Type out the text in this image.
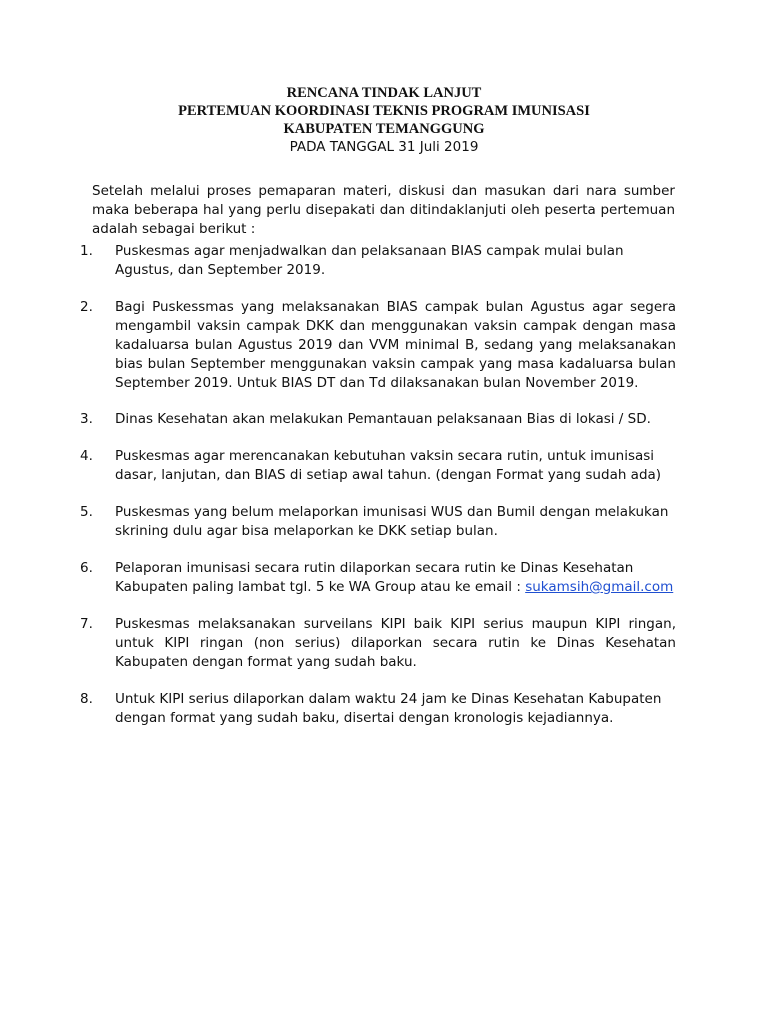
RENCANA TINDAK LANJUT
PERTEMUAN KOORDINASI TEKNIS PROGRAM IMUNISASI
KABUPATEN TEMANGGUNG
PADA TANGGAL 31 Juli 2019
Setelah melalui proses pemaparan materi, diskusi dan masukan dari nara sumber maka beberapa hal yang perlu disepakati dan ditindaklanjuti oleh peserta pertemuan adalah sebagai berikut :
1.	Puskesmas agar menjadwalkan dan pelaksanaan BIAS campak mulai bulan Agustus, dan September 2019.
2.	Bagi Puskessmas yang melaksanakan BIAS campak bulan Agustus agar segera mengambil vaksin campak DKK dan menggunakan vaksin campak dengan masa kadaluarsa bulan Agustus 2019 dan VVM minimal B, sedang yang melaksanakan bias bulan September menggunakan vaksin campak yang masa kadaluarsa bulan September 2019. Untuk BIAS DT dan Td dilaksanakan bulan November 2019.
3.	Dinas Kesehatan akan melakukan Pemantauan pelaksanaan Bias di lokasi / SD.
4.	Puskesmas agar merencanakan kebutuhan vaksin secara rutin, untuk imunisasi dasar, lanjutan, dan BIAS di setiap awal tahun. (dengan Format yang sudah ada)
5.	Puskesmas yang belum melaporkan imunisasi WUS dan Bumil dengan melakukan skrining dulu agar bisa melaporkan ke DKK setiap bulan.
6.	Pelaporan imunisasi secara rutin dilaporkan secara rutin ke Dinas Kesehatan Kabupaten paling lambat tgl. 5 ke WA Group atau ke email : sukamsih@gmail.com
7.	Puskesmas melaksanakan surveilans KIPI baik KIPI serius maupun KIPI ringan, untuk KIPI ringan (non serius) dilaporkan secara rutin ke Dinas Kesehatan Kabupaten dengan format yang sudah baku.
8.	Untuk KIPI serius dilaporkan dalam waktu 24 jam ke Dinas Kesehatan Kabupaten dengan format yang sudah baku, disertai dengan kronologis kejadiannya.
